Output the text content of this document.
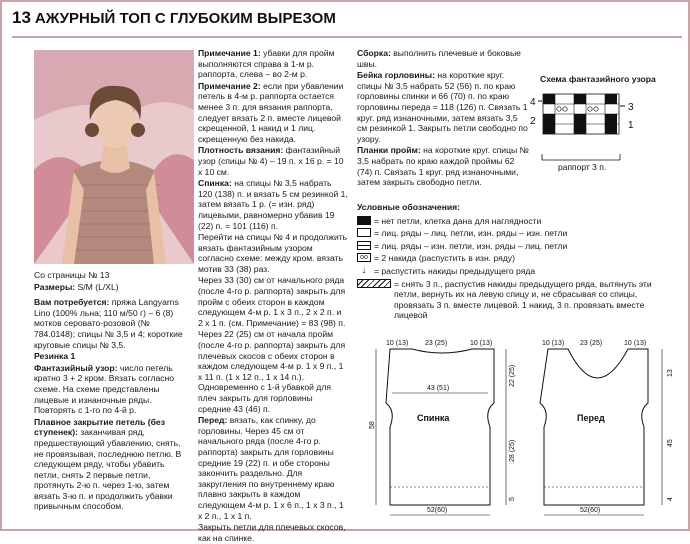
13 АЖУРНЫЙ ТОП С ГЛУБОКИМ ВЫРЕЗОМ

Со страницы № 13

Размеры: S/M (L/XL)

Вам потребуется: пряжа Langyarns Lino (100% льна; 110 м/50 г) – 6 (8) мотков серовато-розовой (№ 784.0148); спицы № 3,5 и 4; короткие круговые спицы № 3,5.

Резинка 1

Фантазийный узор: число петель кратно 3 + 2 кром. Вязать согласно схеме. На схеме представлены лицевые и изнаночные ряды. Повторять с 1-го по 4-й р.

Плавное закрытие петель (без ступенек): заканчивая ряд, предшествующий убавлению, снять, не провязывая, последнюю петлю. В следующем ряду, чтобы убавить петли, снять 2 первые петли, протянуть 2-ю п. через 1-ю, затем вязать 3-ю п. и продолжить убавки привычным способом.

Примечание 1: убавки для пройм выполняются справа в 1-м р. раппорта, слева – во 2-м р.

Примечание 2: если при убавлении петель в 4-м р. раппорта остается менее 3 п. для вязания раппорта, следует вязать 2 п. вместе лицевой скрещенной, 1 накид и 1 лиц. скрещенную без накида.

Плотность вязания: фантазийный узор (спицы № 4) – 19 п. х 16 р. = 10 х 10 см.

Спинка: на спицы № 3,5 набрать 120 (138) п. и вязать 5 см резинкой 1, затем вязать 1 р. (= изн. ряд) лицевыми, равномерно убавив 19 (22) п. = 101 (116) п.

Перейти на спицы № 4 и продолжить вязать фантазийным узором согласно схеме: между кром. вязать мотив 33 (38) раз.

Через 33 (30) см от начального ряда (после 4-го р. раппорта) закрыть для пройм с обеих сторон в каждом следующем 4-м р. 1 х 3 п., 2 х 2 п. и 2 х 1 п. (см. Примечание) = 83 (98) п.

Через 22 (25) см от начала пройм (после 4-го р. раппорта) закрыть для плечевых скосов с обеих сторон в каждом следующем 4-м р. 1 х 9 п., 1 х 11 п. (1 х 12 п., 1 х 14 п.). Одновременно с 1-й убавкой для плеч закрыть для горловины средние 43 (46) п.

Перед: вязать, как спинку, до горловины. Через 45 см от начального ряда (после 4-го р. раппорта) закрыть для горловины средние 19 (22) п. и обе стороны закончить раздельно. Для закругления по внутреннему краю плавно закрыть в каждом следующем 4-м р. 1 х 6 п., 1 х 3 п., 1 х 2 п., 1 х 1 п.

Закрыть петли для плечевых скосов, как на спинке.

Сборка: выполнить плечевые и боковые швы.

Бейка горловины: на короткие круг. спицы № 3,5 набрать 52 (56) п. по краю горловины спинки и 66 (70) п. по краю горловины переда = 118 (126) п. Связать 1 круг. ряд изнаночными, затем вязать 3,5 см резинкой 1. Закрыть петли свободно по узору.

Планки пройм: на короткие круг. спицы № 3,5 набрать по краю каждой проймы 62 (74) п. Связать 1 круг. ряд изнаночными, затем закрыть свободно петли.

Схема фантазийного узора
4
2
3
1
раппорт 3 п.

Условные обозначения:

= нет петли, клетка дана для наглядности
= лиц. ряды – лиц. петли, изн. ряды – изн. петли
= лиц. ряды – изн. петли, изн. ряды – лиц. петли
oo = 2 накида (распустить в изн. ряду)
↓ = распустить накиды предыдущего ряда
= снять 3 п., распустив накиды предыдущего ряда, вытянуть эти петли, вернуть их на левую спицу и, не сбрасывая со спицы, провязать 3 п. вместе лицевой. 1 накид, 3 п. провязать вместе лицевой
Спинка
10 (13) 23 (25)	10 (13)
43 (51)
52(60)
58
22 (25)
28 (25)
5
Перед
10 (13) 23 (25)	10 (13)
52(60)
13
45
4
